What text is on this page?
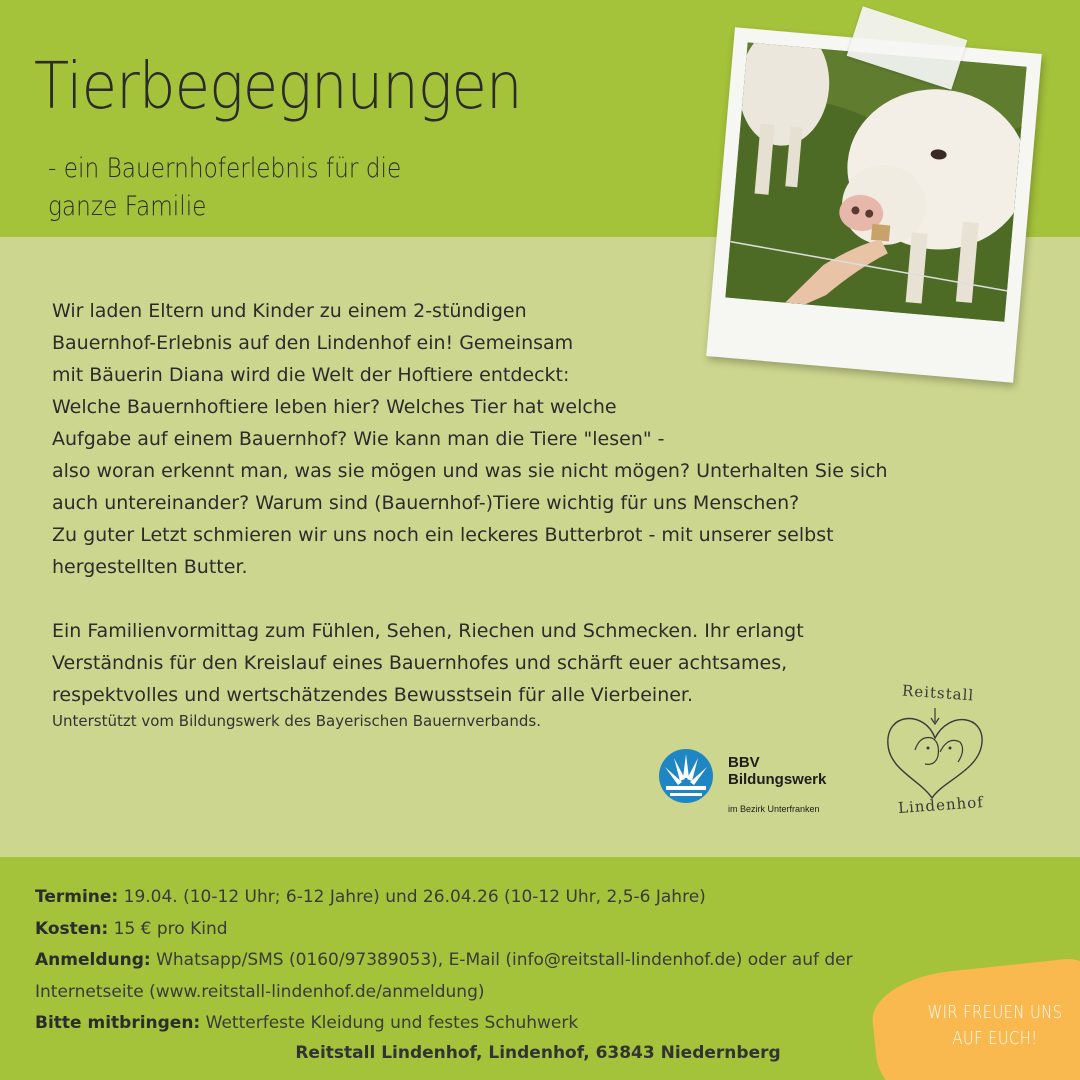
Tierbegegnungen
- ein Bauernhoferlebnis für die
ganze Familie

Wir laden Eltern und Kinder zu einem 2-stündigen
Bauernhof-Erlebnis auf den Lindenhof ein! Gemeinsam
mit Bäuerin Diana wird die Welt der Hoftiere entdeckt:
Welche Bauernhoftiere leben hier? Welches Tier hat welche
Aufgabe auf einem Bauernhof? Wie kann man die Tiere "lesen" -
also woran erkennt man, was sie mögen und was sie nicht mögen? Unterhalten Sie sich
auch untereinander? Warum sind (Bauernhof-)Tiere wichtig für uns Menschen?
Zu guter Letzt schmieren wir uns noch ein leckeres Butterbrot - mit unserer selbst
hergestellten Butter.

Ein Familienvormittag zum Fühlen, Sehen, Riechen und Schmecken. Ihr erlangt
Verständnis für den Kreislauf eines Bauernhofes und schärft euer achtsames,
respektvolles und wertschätzendes Bewusstsein für alle Vierbeiner.

Unterstützt vom Bildungswerk des Bayerischen Bauernverbands.
BBV
Bildungswerk
im Bezirk Unterfranken
Reitstall
Lindenhof
Termine: 19.04. (10-12 Uhr; 6-12 Jahre) und 26.04.26 (10-12 Uhr, 2,5-6 Jahre)
Kosten: 15 € pro Kind
Anmeldung: Whatsapp/SMS (0160/97389053), E-Mail (info@reitstall-lindenhof.de) oder auf der
Internetseite (www.reitstall-lindenhof.de/anmeldung)
Bitte mitbringen: Wetterfeste Kleidung und festes Schuhwerk
Reitstall Lindenhof, Lindenhof, 63843 Niedernberg
WIR FREUEN UNS
AUF EUCH!
